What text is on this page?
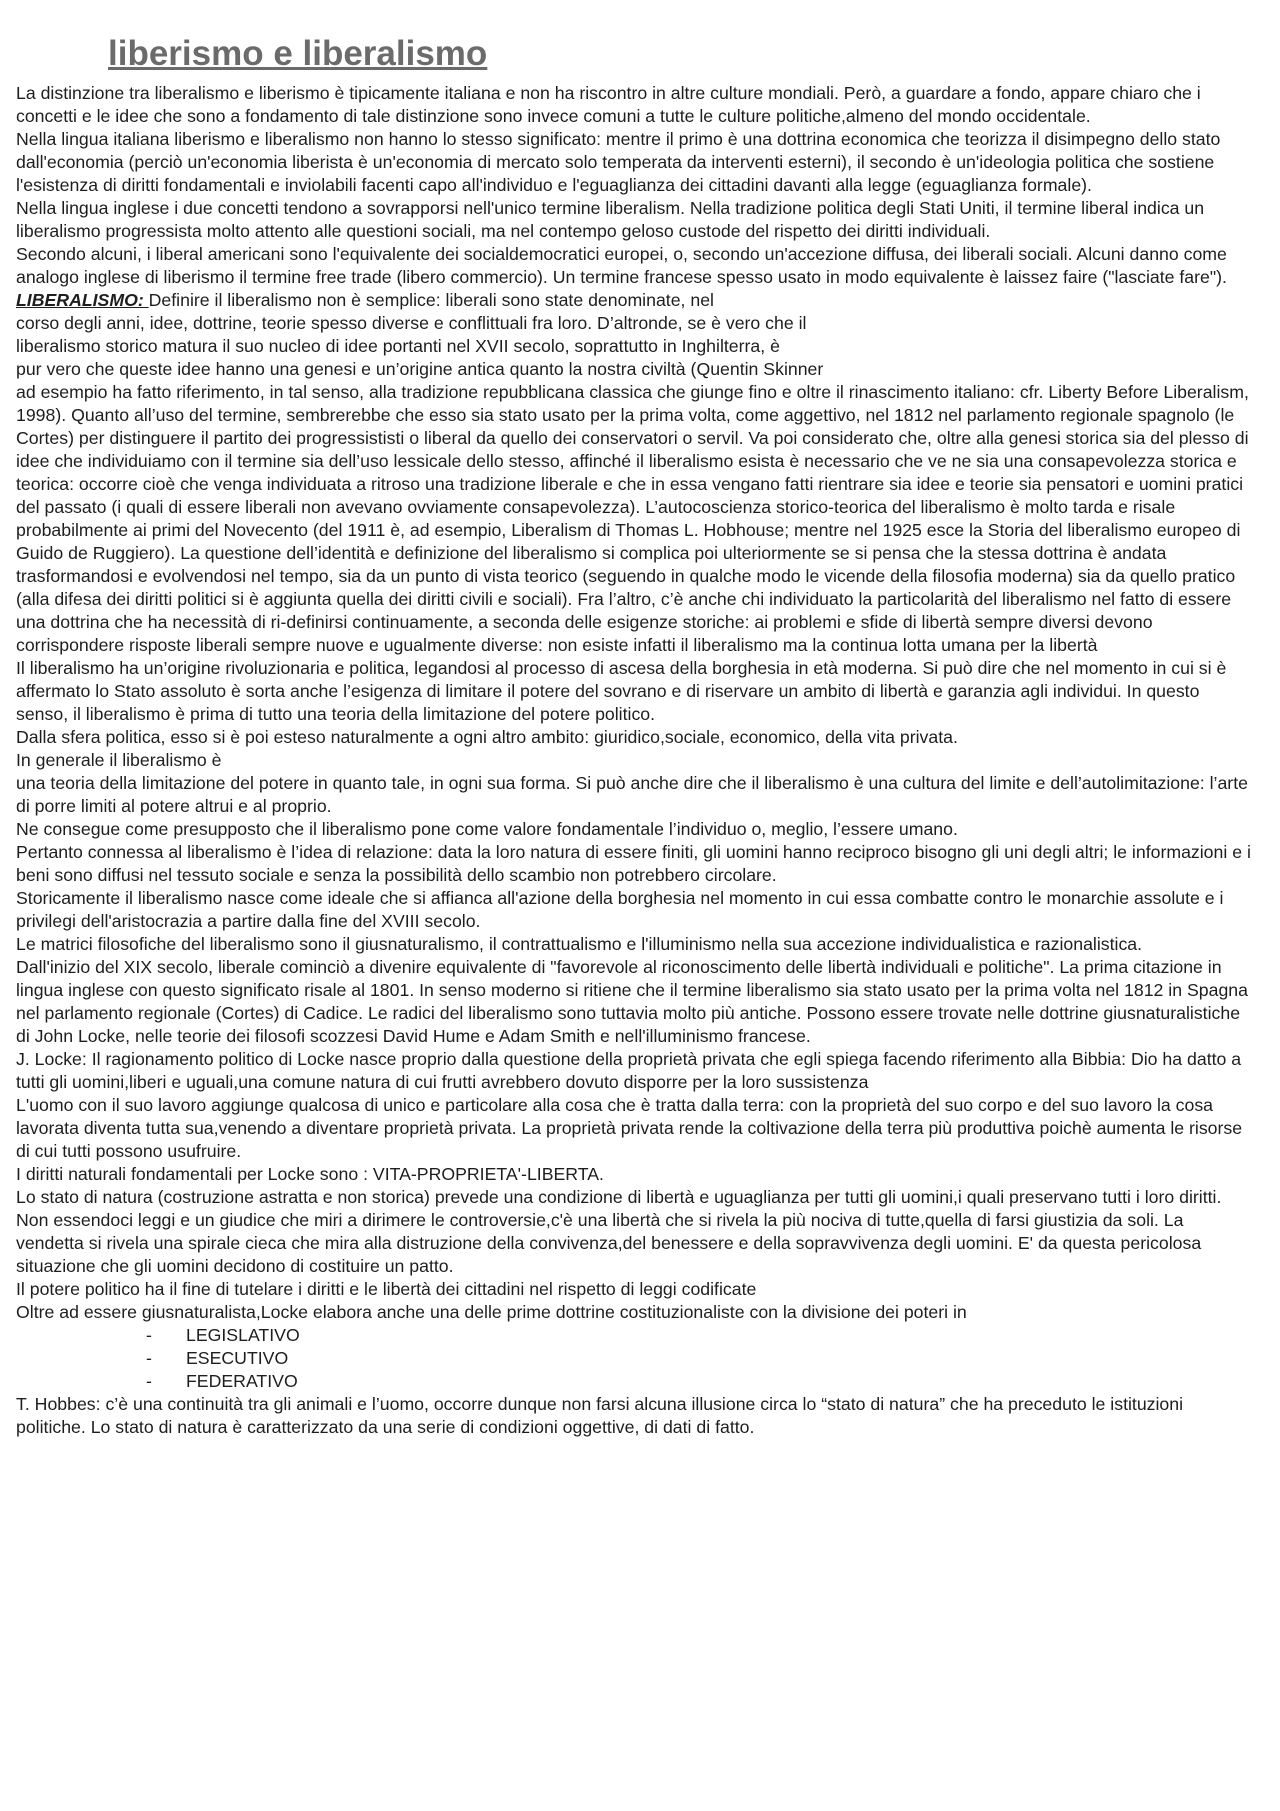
liberismo e liberalismo

La distinzione tra liberalismo e liberismo è tipicamente italiana e non ha riscontro in altre culture mondiali. Però, a guardare a fondo, appare chiaro che i concetti e le idee che sono a fondamento di tale distinzione sono invece comuni a tutte le culture politiche,almeno del mondo occidentale.

Nella lingua italiana liberismo e liberalismo non hanno lo stesso significato: mentre il primo è una dottrina economica che teorizza il disimpegno dello stato dall'economia (perciò un'economia liberista è un'economia di mercato solo temperata da interventi esterni), il secondo è un'ideologia politica che sostiene l'esistenza di diritti fondamentali e inviolabili facenti capo all'individuo e l'eguaglianza dei cittadini davanti alla legge (eguaglianza formale).

Nella lingua inglese i due concetti tendono a sovrapporsi nell'unico termine liberalism. Nella tradizione politica degli Stati Uniti, il termine liberal indica un liberalismo progressista molto attento alle questioni sociali, ma nel contempo geloso custode del rispetto dei diritti individuali.

Secondo alcuni, i liberal americani sono l'equivalente dei socialdemocratici europei, o, secondo un'accezione diffusa, dei liberali sociali. Alcuni danno come analogo inglese di liberismo il termine free trade (libero commercio). Un termine francese spesso usato in modo equivalente è laissez faire ("lasciate fare").

LIBERALISMO: Definire il liberalismo non è semplice: liberali sono state denominate, nel
corso degli anni, idee, dottrine, teorie spesso diverse e conflittuali fra loro. D’altronde, se è vero che il
liberalismo storico matura il suo nucleo di idee portanti nel XVII secolo, soprattutto in Inghilterra, è
pur vero che queste idee hanno una genesi e un’origine antica quanto la nostra civiltà (Quentin Skinner

ad esempio ha fatto riferimento, in tal senso, alla tradizione repubblicana classica che giunge fino e oltre il rinascimento italiano: cfr. Liberty Before Liberalism, 1998). Quanto all’uso del termine, sembrerebbe che esso sia stato usato per la prima volta, come aggettivo, nel 1812 nel parlamento regionale spagnolo (le Cortes) per distinguere il partito dei progressististi o liberal da quello dei conservatori o servil. Va poi considerato che, oltre alla genesi storica sia del plesso di idee che individuiamo con il termine sia dell’uso lessicale dello stesso, affinché il liberalismo esista è necessario che ve ne sia una consapevolezza storica e teorica: occorre cioè che venga individuata a ritroso una tradizione liberale e che in essa vengano fatti rientrare sia idee e teorie sia pensatori e uomini pratici del passato (i quali di essere liberali non avevano ovviamente consapevolezza). L’autocoscienza storico-teorica del liberalismo è molto tarda e risale probabilmente ai primi del Novecento (del 1911 è, ad esempio, Liberalism di Thomas L. Hobhouse; mentre nel 1925 esce la Storia del liberalismo europeo di Guido de Ruggiero). La questione dell’identità e definizione del liberalismo si complica poi ulteriormente se si pensa che la stessa dottrina è andata trasformandosi e evolvendosi nel tempo, sia da un punto di vista teorico (seguendo in qualche modo le vicende della filosofia moderna) sia da quello pratico (alla difesa dei diritti politici si è aggiunta quella dei diritti civili e sociali). Fra l’altro, c’è anche chi individuato la particolarità del liberalismo nel fatto di essere una dottrina che ha necessità di ri-definirsi continuamente, a seconda delle esigenze storiche: ai problemi e sfide di libertà sempre diversi devono corrispondere risposte liberali sempre nuove e ugualmente diverse: non esiste infatti il liberalismo ma la continua lotta umana per la libertà

Il liberalismo ha un’origine rivoluzionaria e politica, legandosi al processo di ascesa della borghesia in età moderna. Si può dire che nel momento in cui si è affermato lo Stato assoluto è sorta anche l’esigenza di limitare il potere del sovrano e di riservare un ambito di libertà e garanzia agli individui. In questo senso, il liberalismo è prima di tutto una teoria della limitazione del potere politico.

Dalla sfera politica, esso si è poi esteso naturalmente a ogni altro ambito: giuridico,sociale, economico, della vita privata.

In generale il liberalismo è

una teoria della limitazione del potere in quanto tale, in ogni sua forma. Si può anche dire che il liberalismo è una cultura del limite e dell’autolimitazione: l’arte di porre limiti al potere altrui e al proprio.

Ne consegue come presupposto che il liberalismo pone come valore fondamentale l’individuo o, meglio, l’essere umano.

Pertanto connessa al liberalismo è l’idea di relazione: data la loro natura di essere finiti, gli uomini hanno reciproco bisogno gli uni degli altri; le informazioni e i beni sono diffusi nel tessuto sociale e senza la possibilità dello scambio non potrebbero circolare.

Storicamente il liberalismo nasce come ideale che si affianca all'azione della borghesia nel momento in cui essa combatte contro le monarchie assolute e i privilegi dell'aristocrazia a partire dalla fine del XVIII secolo.

Le matrici filosofiche del liberalismo sono il giusnaturalismo, il contrattualismo e l'illuminismo nella sua accezione individualistica e razionalistica.

Dall'inizio del XIX secolo, liberale cominciò a divenire equivalente di "favorevole al riconoscimento delle libertà individuali e politiche". La prima citazione in lingua inglese con questo significato risale al 1801. In senso moderno si ritiene che il termine liberalismo sia stato usato per la prima volta nel 1812 in Spagna nel parlamento regionale (Cortes) di Cadice. Le radici del liberalismo sono tuttavia molto più antiche. Possono essere trovate nelle dottrine giusnaturalistiche di John Locke, nelle teorie dei filosofi scozzesi David Hume e Adam Smith e nell'illuminismo francese.

J. Locke: Il ragionamento politico di Locke nasce proprio dalla questione della proprietà privata che egli spiega facendo riferimento alla Bibbia: Dio ha datto a tutti gli uomini,liberi e uguali,una comune natura di cui frutti avrebbero dovuto disporre per la loro sussistenza

L'uomo con il suo lavoro aggiunge qualcosa di unico e particolare alla cosa che è tratta dalla terra: con la proprietà del suo corpo e del suo lavoro la cosa lavorata diventa tutta sua,venendo a diventare proprietà privata. La proprietà privata rende la coltivazione della terra più produttiva poichè aumenta le risorse di cui tutti possono usufruire.

I diritti naturali fondamentali per Locke sono : VITA-PROPRIETA'-LIBERTA.

Lo stato di natura (costruzione astratta e non storica) prevede una condizione di libertà e uguaglianza per tutti gli uomini,i quali preservano tutti i loro diritti.

Non essendoci leggi e un giudice che miri a dirimere le controversie,c'è una libertà che si rivela la più nociva di tutte,quella di farsi giustizia da soli. La vendetta si rivela una spirale cieca che mira alla distruzione della convivenza,del benessere e della sopravvivenza degli uomini. E' da questa pericolosa situazione che gli uomini decidono di costituire un patto.

Il potere politico ha il fine di tutelare i diritti e le libertà dei cittadini nel rispetto di leggi codificate

Oltre ad essere giusnaturalista,Locke elabora anche una delle prime dottrine costituzionaliste con la divisione dei poteri in

- LEGISLATIVO
- ESECUTIVO
- FEDERATIVO

T. Hobbes: c’è una continuità tra gli animali e l’uomo, occorre dunque non farsi alcuna illusione circa lo “stato di natura” che ha preceduto le istituzioni politiche. Lo stato di natura è caratterizzato da una serie di condizioni oggettive, di dati di fatto.
